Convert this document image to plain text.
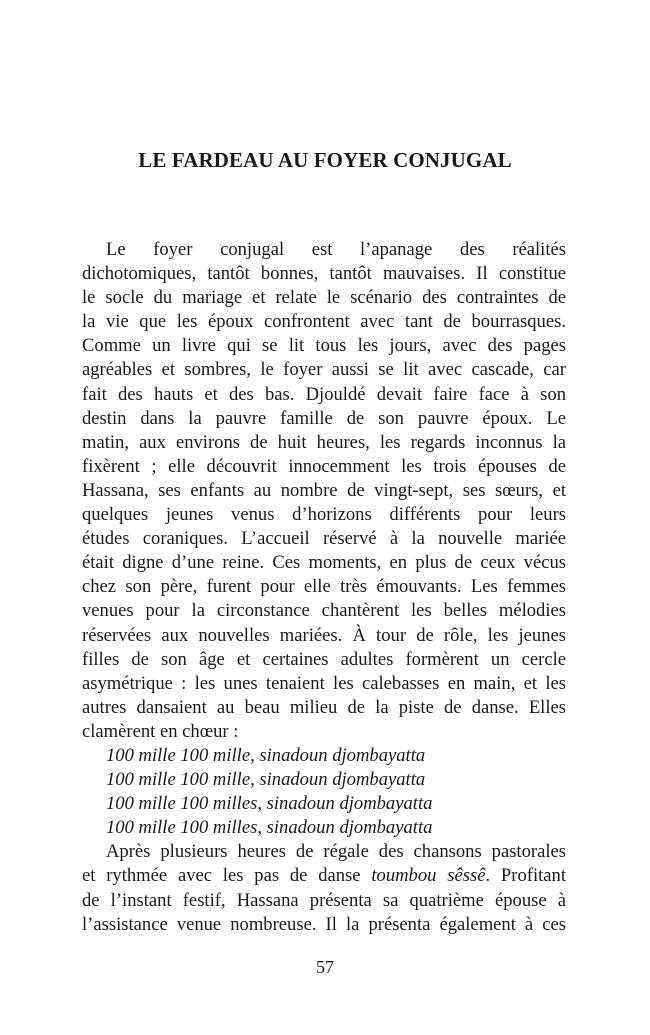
LE FARDEAU AU FOYER CONJUGAL
Le foyer conjugal est l’apanage des réalités
dichotomiques, tantôt bonnes, tantôt mauvaises. Il constitue
le socle du mariage et relate le scénario des contraintes de
la vie que les époux confrontent avec tant de bourrasques.
Comme un livre qui se lit tous les jours, avec des pages
agréables et sombres, le foyer aussi se lit avec cascade, car
fait des hauts et des bas. Djouldé devait faire face à son
destin dans la pauvre famille de son pauvre époux. Le
matin, aux environs de huit heures, les regards inconnus la
fixèrent ; elle découvrit innocemment les trois épouses de
Hassana, ses enfants au nombre de vingt-sept, ses sœurs, et
quelques jeunes venus d’horizons différents pour leurs
études coraniques. L’accueil réservé à la nouvelle mariée
était digne d’une reine. Ces moments, en plus de ceux vécus
chez son père, furent pour elle très émouvants. Les femmes
venues pour la circonstance chantèrent les belles mélodies
réservées aux nouvelles mariées. À tour de rôle, les jeunes
filles de son âge et certaines adultes formèrent un cercle
asymétrique : les unes tenaient les calebasses en main, et les
autres dansaient au beau milieu de la piste de danse. Elles
clamèrent en chœur :
100 mille 100 mille, sinadoun djombayatta
100 mille 100 mille, sinadoun djombayatta
100 mille 100 milles, sinadoun djombayatta
100 mille 100 milles, sinadoun djombayatta
Après plusieurs heures de régale des chansons pastorales
et rythmée avec les pas de danse toumbou sêssê. Profitant
de l’instant festif, Hassana présenta sa quatrième épouse à
l’assistance venue nombreuse. Il la présenta également à ces
57
